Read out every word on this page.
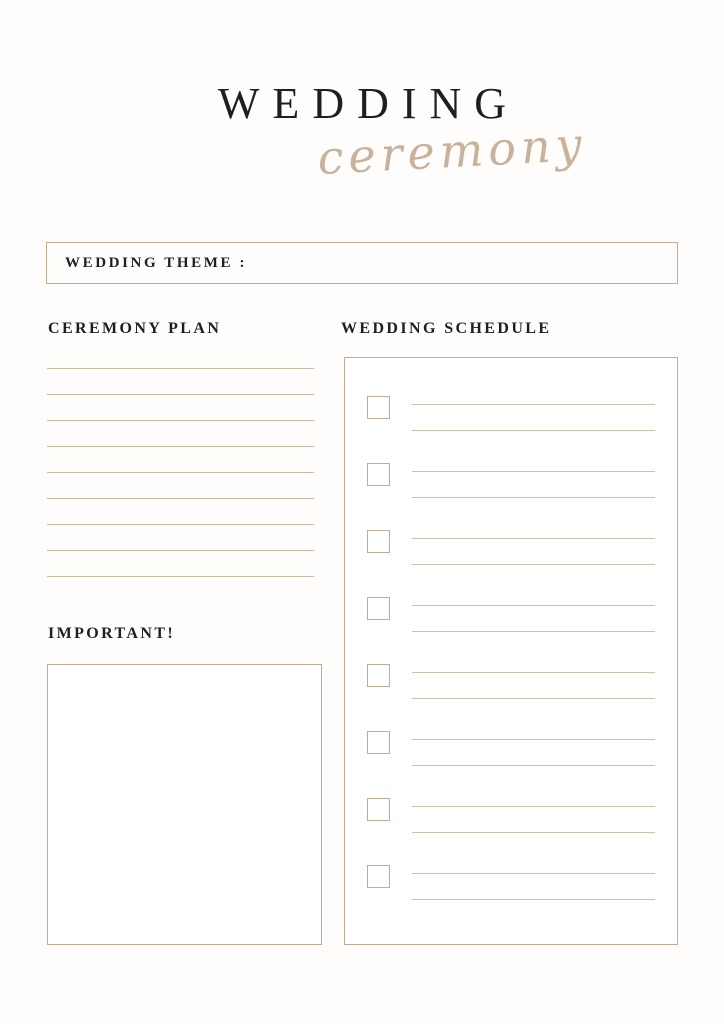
WEDDING
ceremony
WEDDING THEME :
CEREMONY PLAN	WEDDING SCHEDULE
IMPORTANT!
